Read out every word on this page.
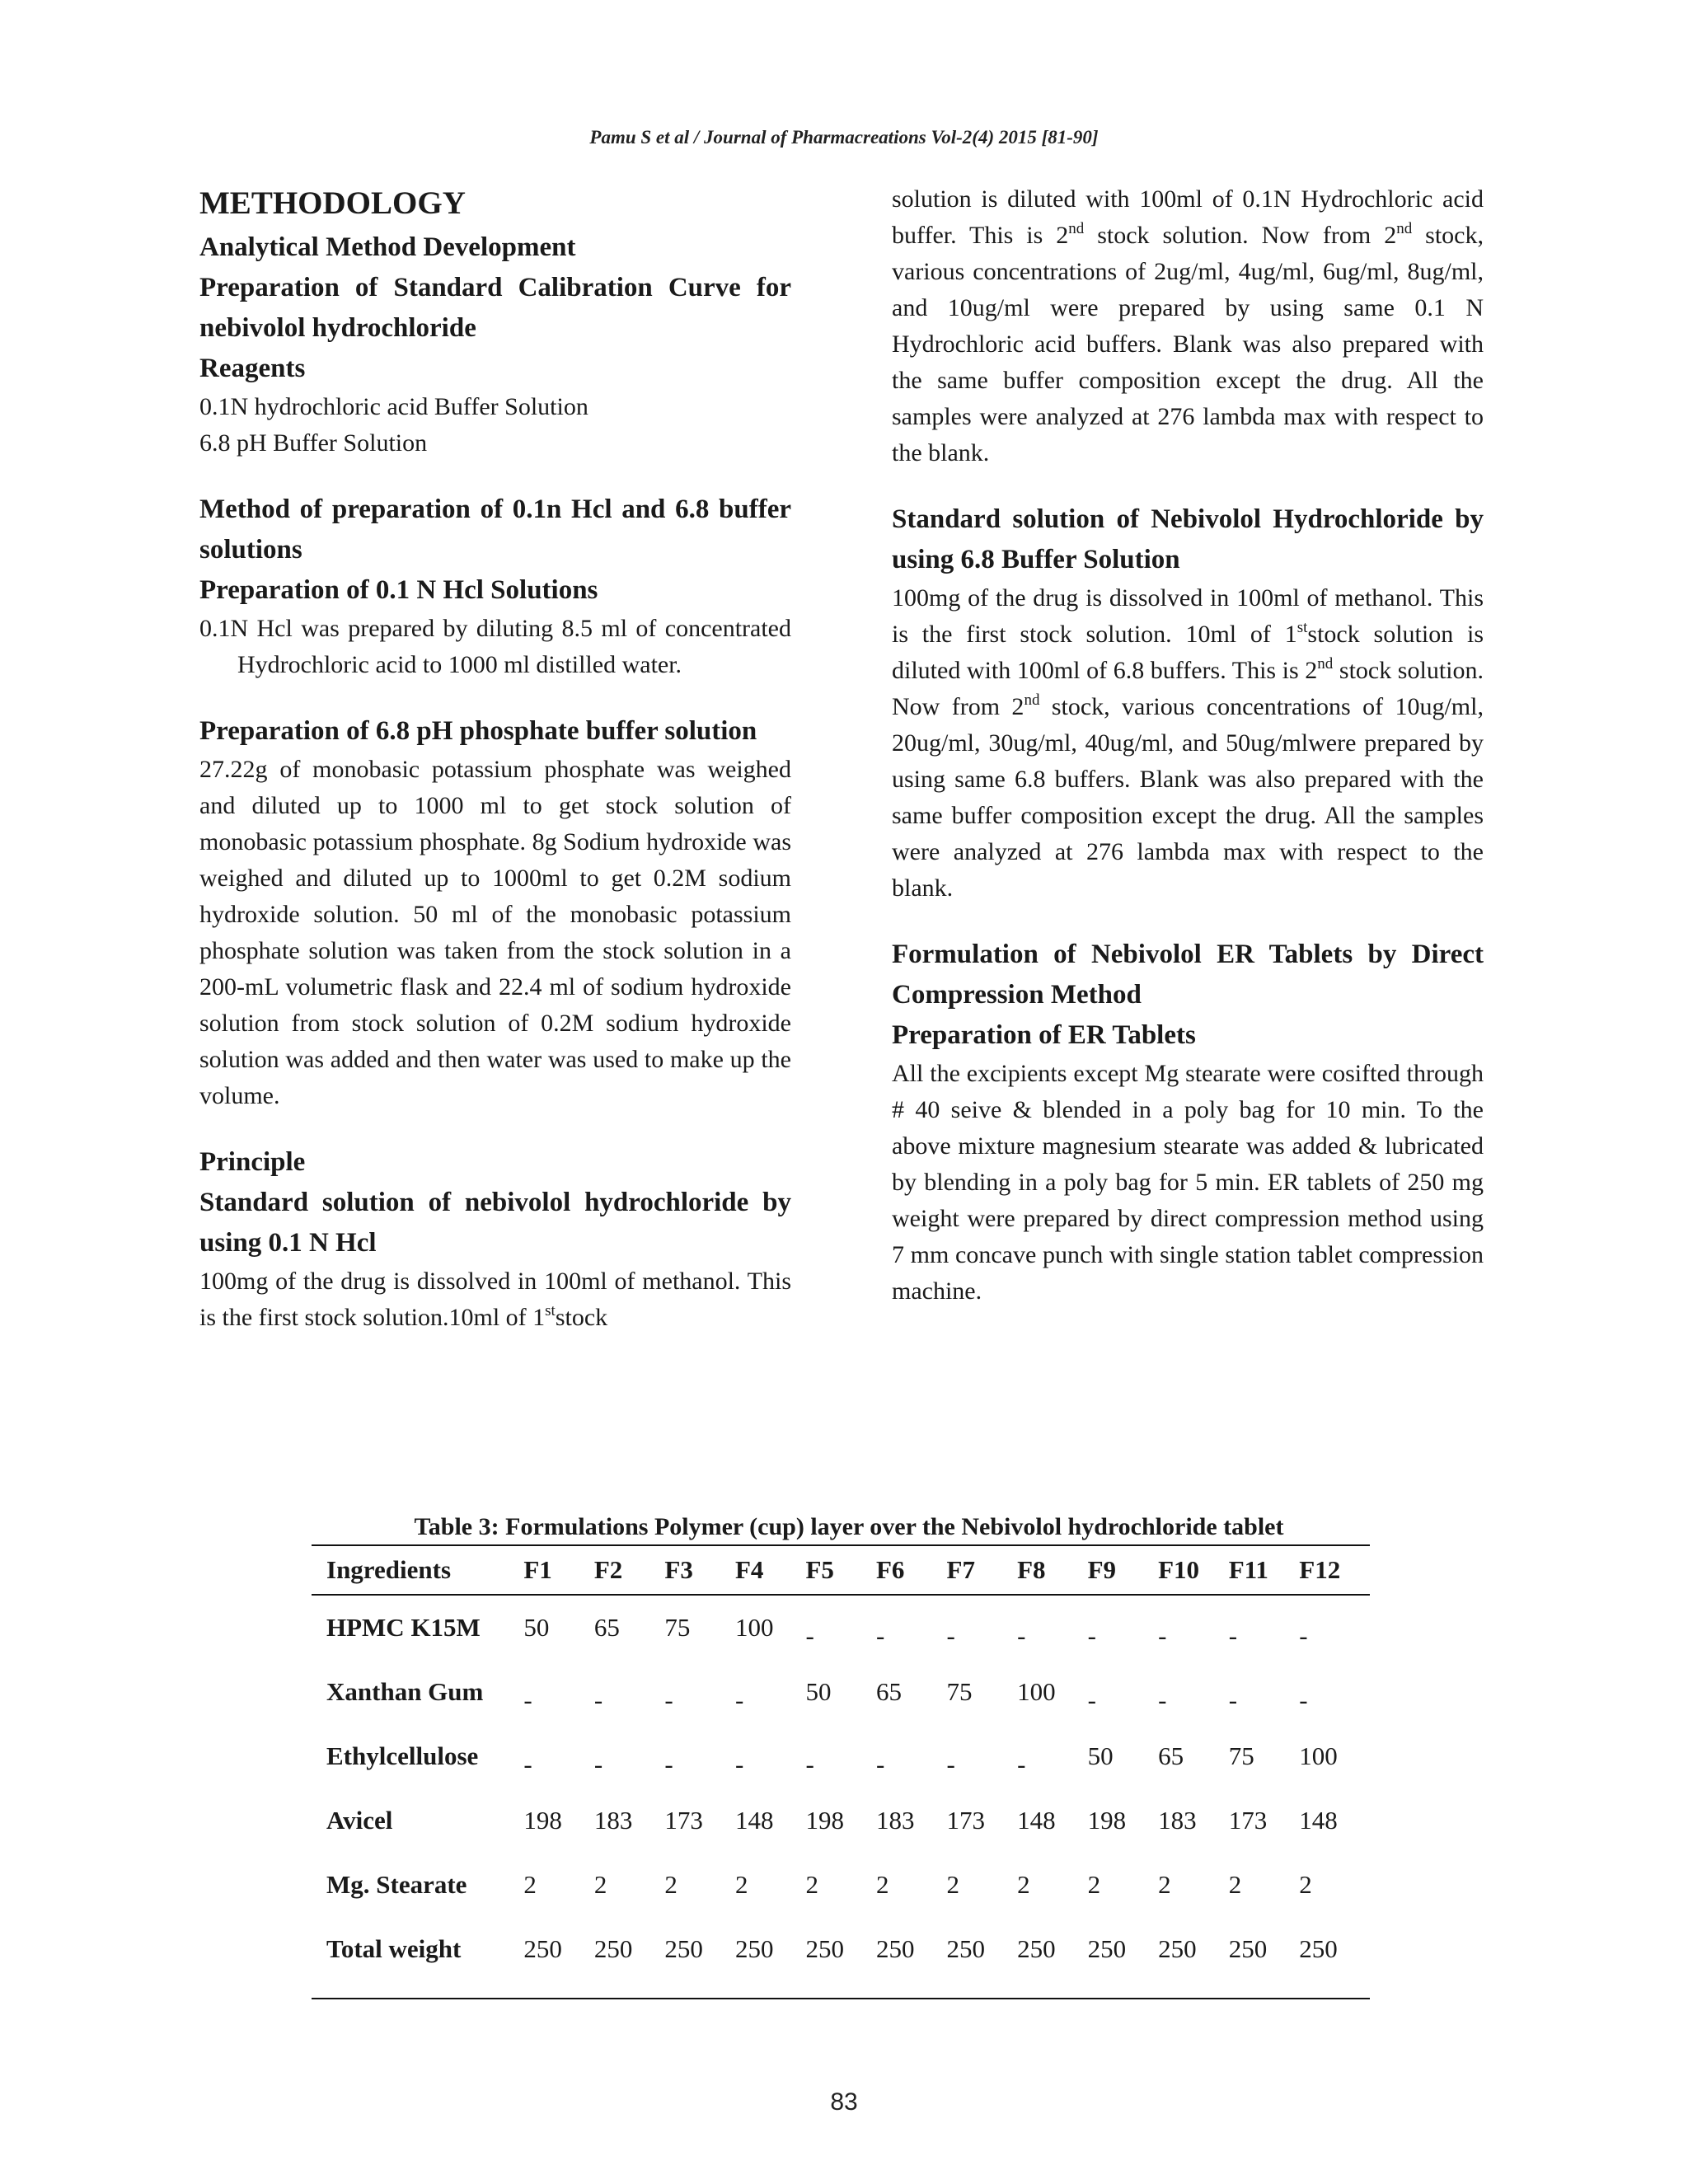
Pamu S et al / Journal of Pharmacreations Vol-2(4) 2015 [81-90]
METHODOLOGY
Analytical Method Development
Preparation of Standard Calibration Curve for nebivolol hydrochloride
Reagents
0.1N hydrochloric acid Buffer Solution
6.8 pH Buffer Solution
Method of preparation of 0.1n Hcl and 6.8 buffer solutions
Preparation of 0.1 N Hcl Solutions
0.1N Hcl was prepared by diluting 8.5 ml of concentrated Hydrochloric acid to 1000 ml distilled water.
Preparation of 6.8 pH phosphate buffer solution
27.22g of monobasic potassium phosphate was weighed and diluted up to 1000 ml to get stock solution of monobasic potassium phosphate. 8g Sodium hydroxide was weighed and diluted up to 1000ml to get 0.2M sodium hydroxide solution. 50 ml of the monobasic potassium phosphate solution was taken from the stock solution in a 200-mL volumetric flask and 22.4 ml of sodium hydroxide solution from stock solution of 0.2M sodium hydroxide solution was added and then water was used to make up the volume.
Principle
Standard solution of nebivolol hydrochloride by using 0.1 N Hcl
100mg of the drug is dissolved in 100ml of methanol. This is the first stock solution.10ml of 1ststock
solution is diluted with 100ml of 0.1N Hydrochloric acid buffer. This is 2nd stock solution. Now from 2nd stock, various concentrations of 2ug/ml, 4ug/ml, 6ug/ml, 8ug/ml, and 10ug/ml were prepared by using same 0.1 N Hydrochloric acid buffers. Blank was also prepared with the same buffer composition except the drug. All the samples were analyzed at 276 lambda max with respect to the blank.
Standard solution of Nebivolol Hydrochloride by using 6.8 Buffer Solution
100mg of the drug is dissolved in 100ml of methanol. This is the first stock solution. 10ml of 1ststock solution is diluted with 100ml of 6.8 buffers. This is 2nd stock solution. Now from 2nd stock, various concentrations of 10ug/ml, 20ug/ml, 30ug/ml, 40ug/ml, and 50ug/mlwere prepared by using same 6.8 buffers. Blank was also prepared with the same buffer composition except the drug. All the samples were analyzed at 276 lambda max with respect to the blank.
Formulation of Nebivolol ER Tablets by Direct Compression Method
Preparation of ER Tablets
All the excipients except Mg stearate were cosifted through # 40 seive & blended in a poly bag for 10 min. To the above mixture magnesium stearate was added & lubricated by blending in a poly bag for 5 min. ER tablets of 250 mg weight were prepared by direct compression method using 7 mm concave punch with single station tablet compression machine.
Table 3: Formulations Polymer (cup) layer over the Nebivolol hydrochloride tablet
Ingredients	F1	F2	F3	F4	F5	F6	F7	F8	F9	F10	F11	F12
HPMC K15M	50	65	75	100	-	-	-	-	-	-	-	-
Xanthan Gum	-	-	-	-	50	65	75	100	-	-	-	-
Ethylcellulose	-	-	-	-	-	-	-	-	50	65	75	100
Avicel	198	183	173	148	198	183	173	148	198	183	173	148
Mg. Stearate	2	2	2	2	2	2	2	2	2	2	2	2
Total weight	250	250	250	250	250	250	250	250	250	250	250	250
83
